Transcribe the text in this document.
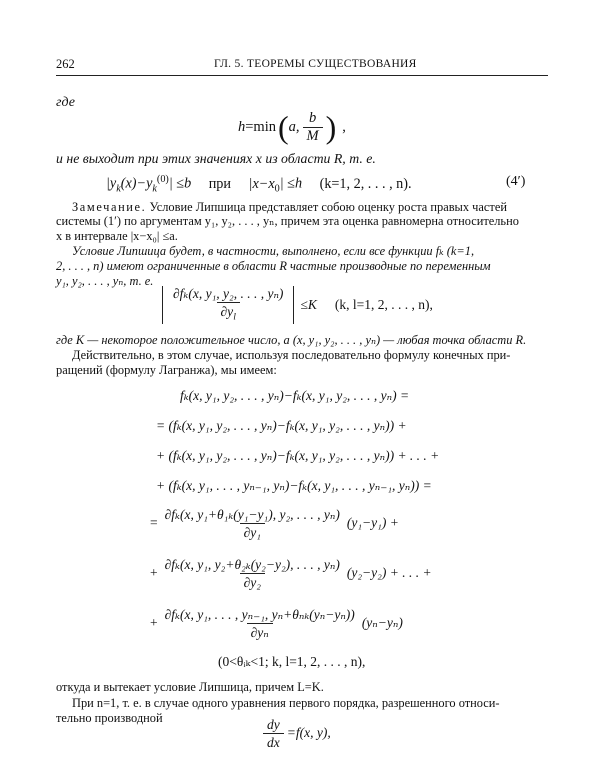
262	ГЛ. 5. ТЕОРЕМЫ СУЩЕСТВОВАНИЯ
где
h =min ( a, $\frac{b}{M}$ ) ,
и не выходит при этих значениях x из области R, т. е.
$|y_k(x)-y_k^{(0)}| \le b$ при $|x-x_0| \le h$ (k=1, 2, . . . , n).	(4′)
Замечание. Условие Липшица представляет собою оценку роста правых частей
системы (1′) по аргументам y₁, y₂, . . . , yₙ, причем эта оценка равномерна относительно
x в интервале |x−x₀| ≤a.
Условие Липшица будет, в частности, выполнено, если все функции fₖ (k=1,
2, . . . , n) имеют ограниченные в области R частные производные по переменным
y₁, y₂, . . . , yₙ, т. е.
$\frac{\text{∂fₖ(x, y₁, y₂, . . . , yₙ)}}{\partial y_l} \le K$ (k, l=1, 2, . . . , n),
где K — некоторое положительное число, а (x, y₁, y₂, . . . , yₙ) — любая точка области R.
Действительно, в этом случае, используя последовательно формулу конечных при-
ращений (формулу Лагранжа), мы имеем:
fₖ(x, y₁, y₂, . . . , yₙ)−fₖ(x, y₁, y₂, . . . , yₙ) =
= (fₖ(x, y₁, y₂, . . . , yₙ)−fₖ(x, y₁, y₂, . . . , yₙ)) +
+ (fₖ(x, y₁, y₂, . . . , yₙ)−fₖ(x, y₁, y₂, . . . , yₙ)) + . . . +
+ (fₖ(x, y₁, . . . , yₙ₋₁, yₙ)−fₖ(x, y₁, . . . , yₙ₋₁, yₙ)) =
= $\frac{\text{∂fₖ(x, y₁+θ₁ₖ(y₁−y₁), y₂, . . . , yₙ)}}{\text{∂y₁}} (y_1-y_1)$ +
+ $\frac{\text{∂fₖ(x, y₁, y₂+θ₂ₖ(y₂−y₂), . . . , yₙ)}}{\text{∂y₂}} (y_2-y_2)$ + . . . +
+ $\frac{\text{∂fₖ(x, y₁, . . . , yₙ₋₁, yₙ+θₙₖ(yₙ−yₙ))}}{\text{∂yₙ}} (y_n-y_n)$
(0<θᵢₖ<1; k, l=1, 2, . . . , n),
откуда и вытекает условие Липшица, причем L=K.
При n=1, т. е. в случае одного уравнения первого порядка, разрешенного относи-
тельно производной	$\frac{dy}{dx} =f(x$, y),
